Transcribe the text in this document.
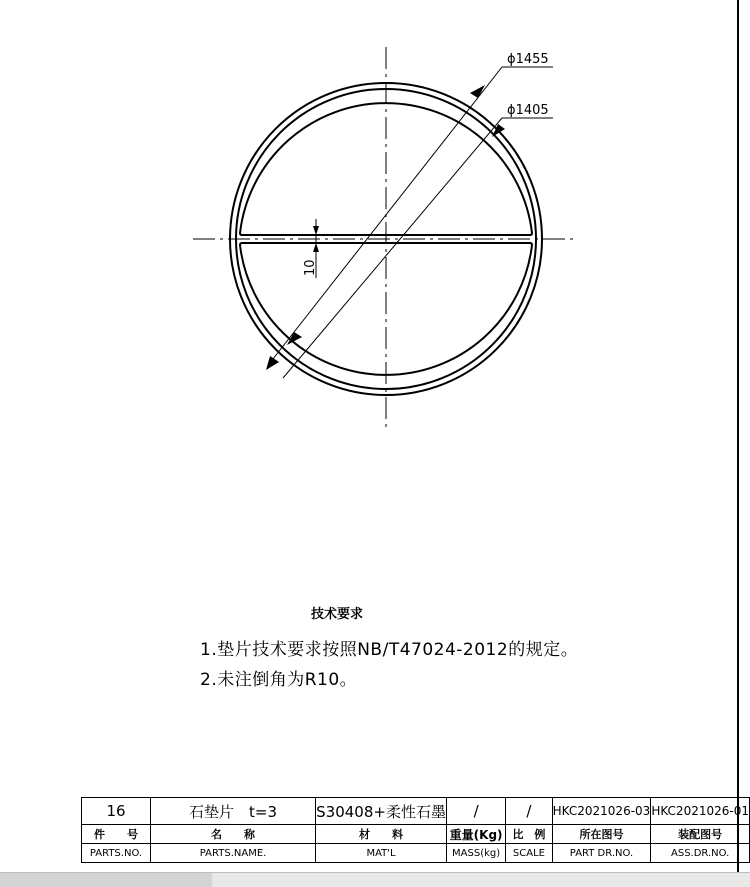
ϕ1455
ϕ1405
10
技术要求
1.垫片技术要求按照NB/T47024-2012的规定。
2.未注倒角为R10。
16	石垫片　t=3	S30408+柔性石墨	/	/	HKC2021026-03	HKC2021026-01
件　　号	名　　称	材　　料	重量(Kg)	比　例	所在图号	装配图号
PARTS.NO.	PARTS.NAME.	MAT'L	MASS(kg)	SCALE	PART DR.NO.	ASS.DR.NO.
